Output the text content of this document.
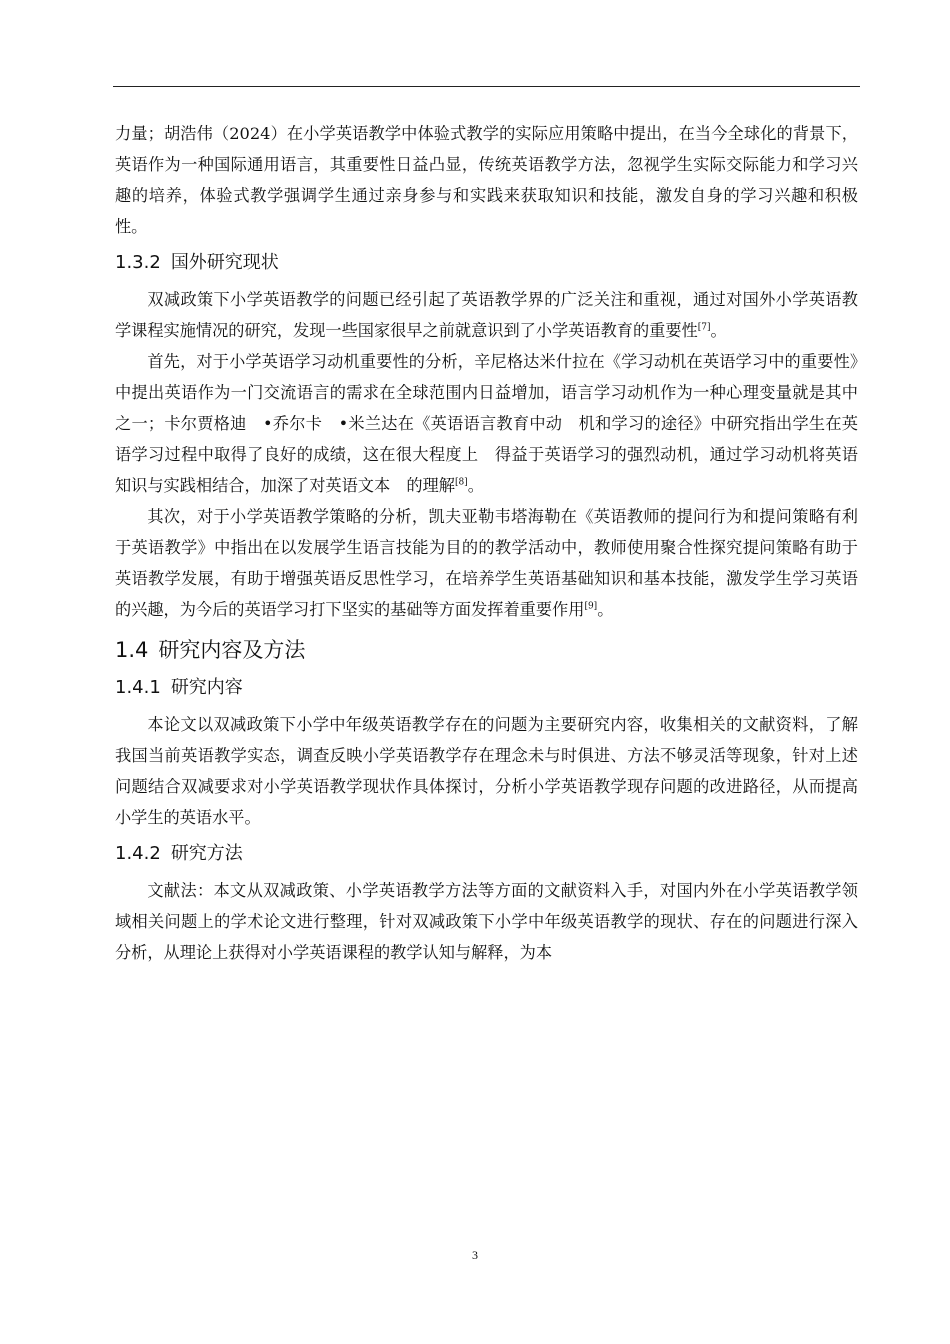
力量；胡浩伟（2024）在小学英语教学中体验式教学的实际应用策略中提出，在当今全球化的背景下，英语作为一种国际通用语言，其重要性日益凸显，传统英语教学方法，忽视学生实际交际能力和学习兴趣的培养，体验式教学强调学生通过亲身参与和实践来获取知识和技能，激发自身的学习兴趣和积极性。

1.3.2 国外研究现状

双减政策下小学英语教学的问题已经引起了英语教学界的广泛关注和重视，通过对国外小学英语教学课程实施情况的研究，发现一些国家很早之前就意识到了小学英语教育的重要性[7]。

首先，对于小学英语学习动机重要性的分析，辛尼格达米什拉在《学习动机在英语学习中的重要性》中提出英语作为一门交流语言的需求在全球范围内日益增加，语言学习动机作为一种心理变量就是其中之一；卡尔贾格迪　•乔尔卡　•米兰达在《英语语言教育中动　机和学习的途径》中研究指出学生在英语学习过程中取得了良好的成绩，这在很大程度上　得益于英语学习的强烈动机，通过学习动机将英语知识与实践相结合，加深了对英语文本　的理解[8]。

其次，对于小学英语教学策略的分析，凯夫亚勒韦塔海勒在《英语教师的提问行为和提问策略有利于英语教学》中指出在以发展学生语言技能为目的的教学活动中，教师使用聚合性探究提问策略有助于英语教学发展，有助于增强英语反思性学习，在培养学生英语基础知识和基本技能，激发学生学习英语的兴趣，为今后的英语学习打下坚实的基础等方面发挥着重要作用[9]。

1.4 研究内容及方法
1.4.1 研究内容

本论文以双减政策下小学中年级英语教学存在的问题为主要研究内容，收集相关的文献资料，了解我国当前英语教学实态，调查反映小学英语教学存在理念未与时俱进、方法不够灵活等现象，针对上述问题结合双减要求对小学英语教学现状作具体探讨，分析小学英语教学现存问题的改进路径，从而提高小学生的英语水平。

1.4.2 研究方法

文献法：本文从双减政策、小学英语教学方法等方面的文献资料入手，对国内外在小学英语教学领域相关问题上的学术论文进行整理，针对双减政策下小学中年级英语教学的现状、存在的问题进行深入分析，从理论上获得对小学英语课程的教学认知与解释，为本

3
